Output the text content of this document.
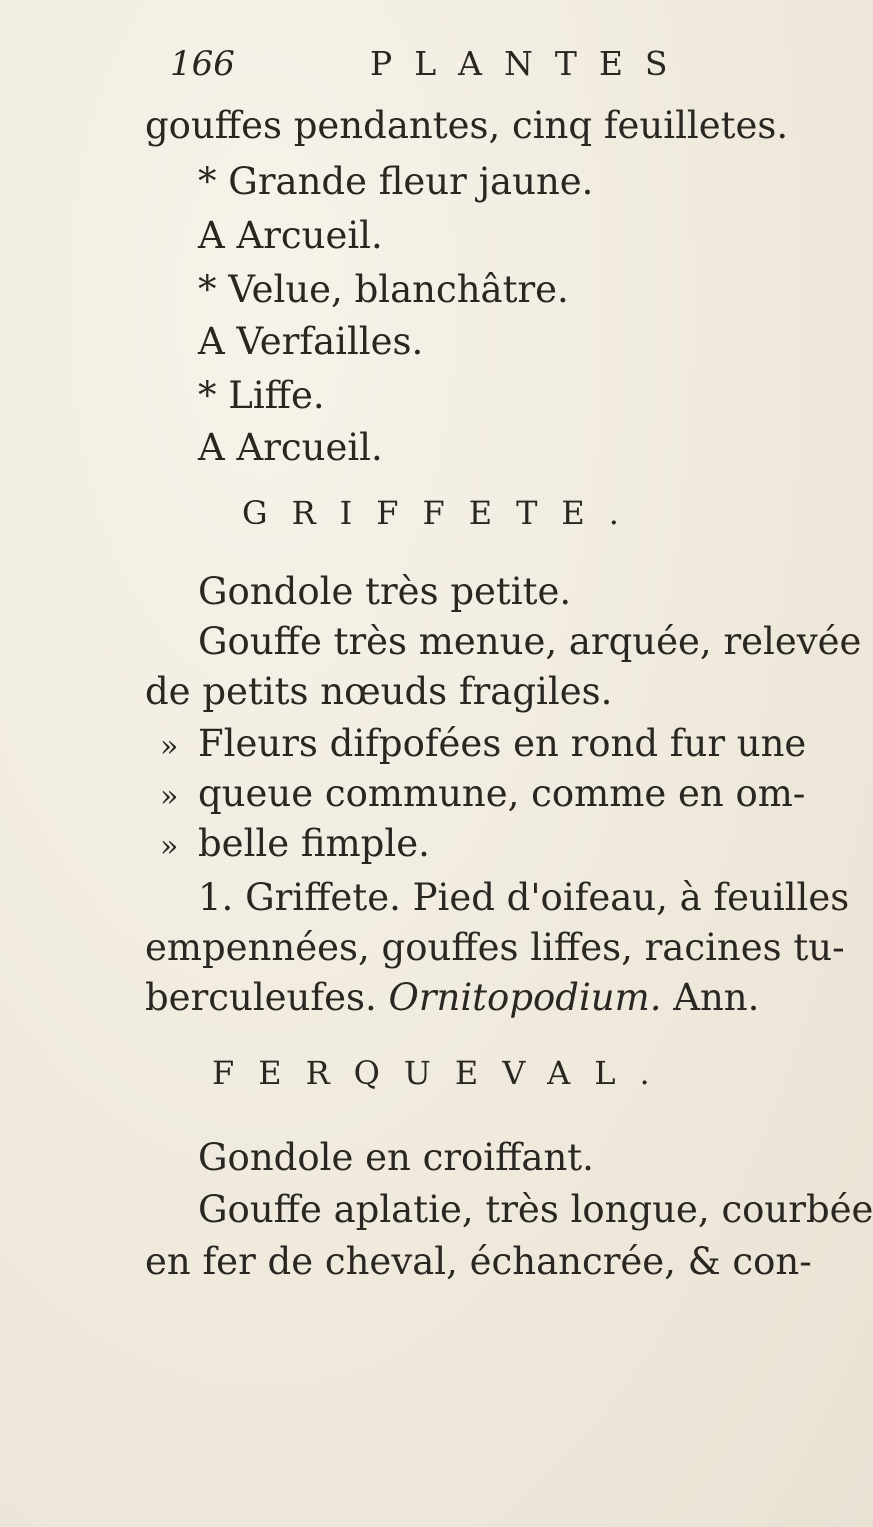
166	PLANTES
gouffes pendantes, cinq feuilletes.
* Grande fleur jaune.
A Arcueil.
* Velue, blanchâtre.
A Verfailles.
* Liffe.
A Arcueil.
GRIFFETE.
Gondole très petite.
Gouffe très menue, arquée, relevée
de petits nœuds fragiles.
» Fleurs difpofées en rond fur une
» queue commune, comme en om-
» belle fimple.
1. Griffete. Pied d'oifeau, à feuilles
empennées, gouffes liffes, racines tu-
berculeufes. Ornitopodium. Ann.
FERQUEVAL.
Gondole en croiffant.
Gouffe aplatie, très longue, courbée
en fer de cheval, échancrée, & con-
